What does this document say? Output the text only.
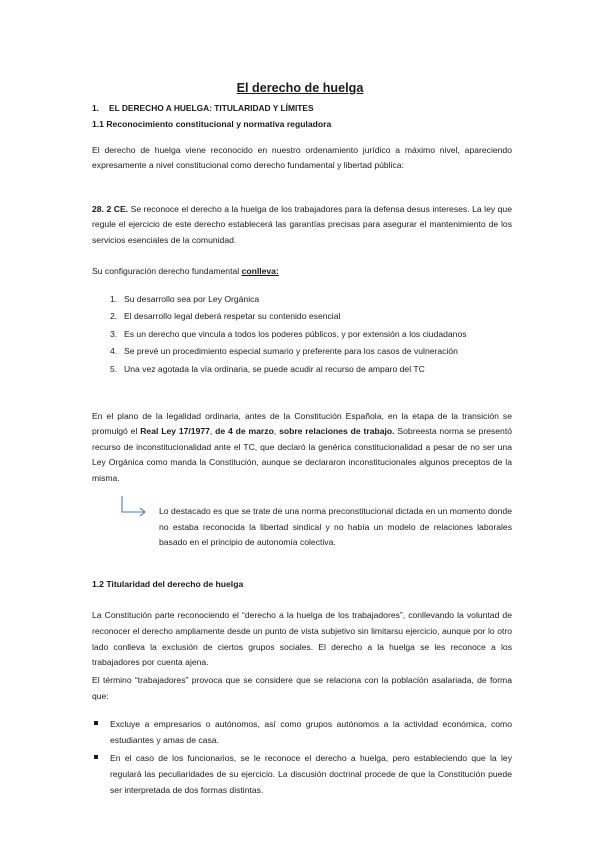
El derecho de huelga
1. EL DERECHO A HUELGA: TITULARIDAD Y LÍMITES
1.1 Reconocimiento constitucional y normativa reguladora
El derecho de huelga viene reconocido en nuestro ordenamiento jurídico a máximo nivel, apareciendo expresamente a nivel constitucional como derecho fundamental y libertad pública:
28. 2 CE. Se reconoce el derecho a la huelga de los trabajadores para la defensa desus intereses. La ley que regule el ejercicio de este derecho establecerá las garantías precisas para asegurar el mantenimiento de los servicios esenciales de la comunidad.
Su configuración derecho fundamental conlleva:
1. Su desarrollo sea por Ley Orgánica
2. El desarrollo legal deberá respetar su contenido esencial
3. Es un derecho que vincula a todos los poderes públicos, y por extensión a los ciudadanos
4. Se prevé un procedimiento especial sumario y preferente para los casos de vulneración
5. Una vez agotada la vía ordinaria, se puede acudir al recurso de amparo del TC
En el plano de la legalidad ordinaria, antes de la Constitución Española, en la etapa de la transición se promulgó el Real Ley 17/1977, de 4 de marzo, sobre relaciones de trabajo. Sobreesta norma se presentó recurso de inconstitucionalidad ante el TC, que declaró la genérica constitucionalidad a pesar de no ser una Ley Orgánica como manda la Constitución, aunque se declararon inconstitucionales algunos preceptos de la misma.
Lo destacado es que se trate de una norma preconstitucional dictada en un momento donde no estaba reconocida la libertad sindical y no había un modelo de relaciones laborales basado en el principio de autonomía colectiva.
1.2 Titularidad del derecho de huelga
La Constitución parte reconociendo el “derecho a la huelga de los trabajadores”, conllevando la voluntad de reconocer el derecho ampliamente desde un punto de vista subjetivo sin limitarsu ejercicio, aunque por lo otro lado conlleva la exclusión de ciertos grupos sociales. El derecho a la huelga se les reconoce a los trabajadores por cuenta ajena.
El término “trabajadores” provoca que se considere que se relaciona con la población asalariada, de forma que:
Excluye a empresarios o autónomos, así como grupos autónomos a la actividad económica, como estudiantes y amas de casa.
En el caso de los funcionarios, se le reconoce el derecho a huelga, pero estableciendo que la ley regulará las peculiaridades de su ejercicio. La discusión doctrinal procede de que la Constitución puede ser interpretada de dos formas distintas.
